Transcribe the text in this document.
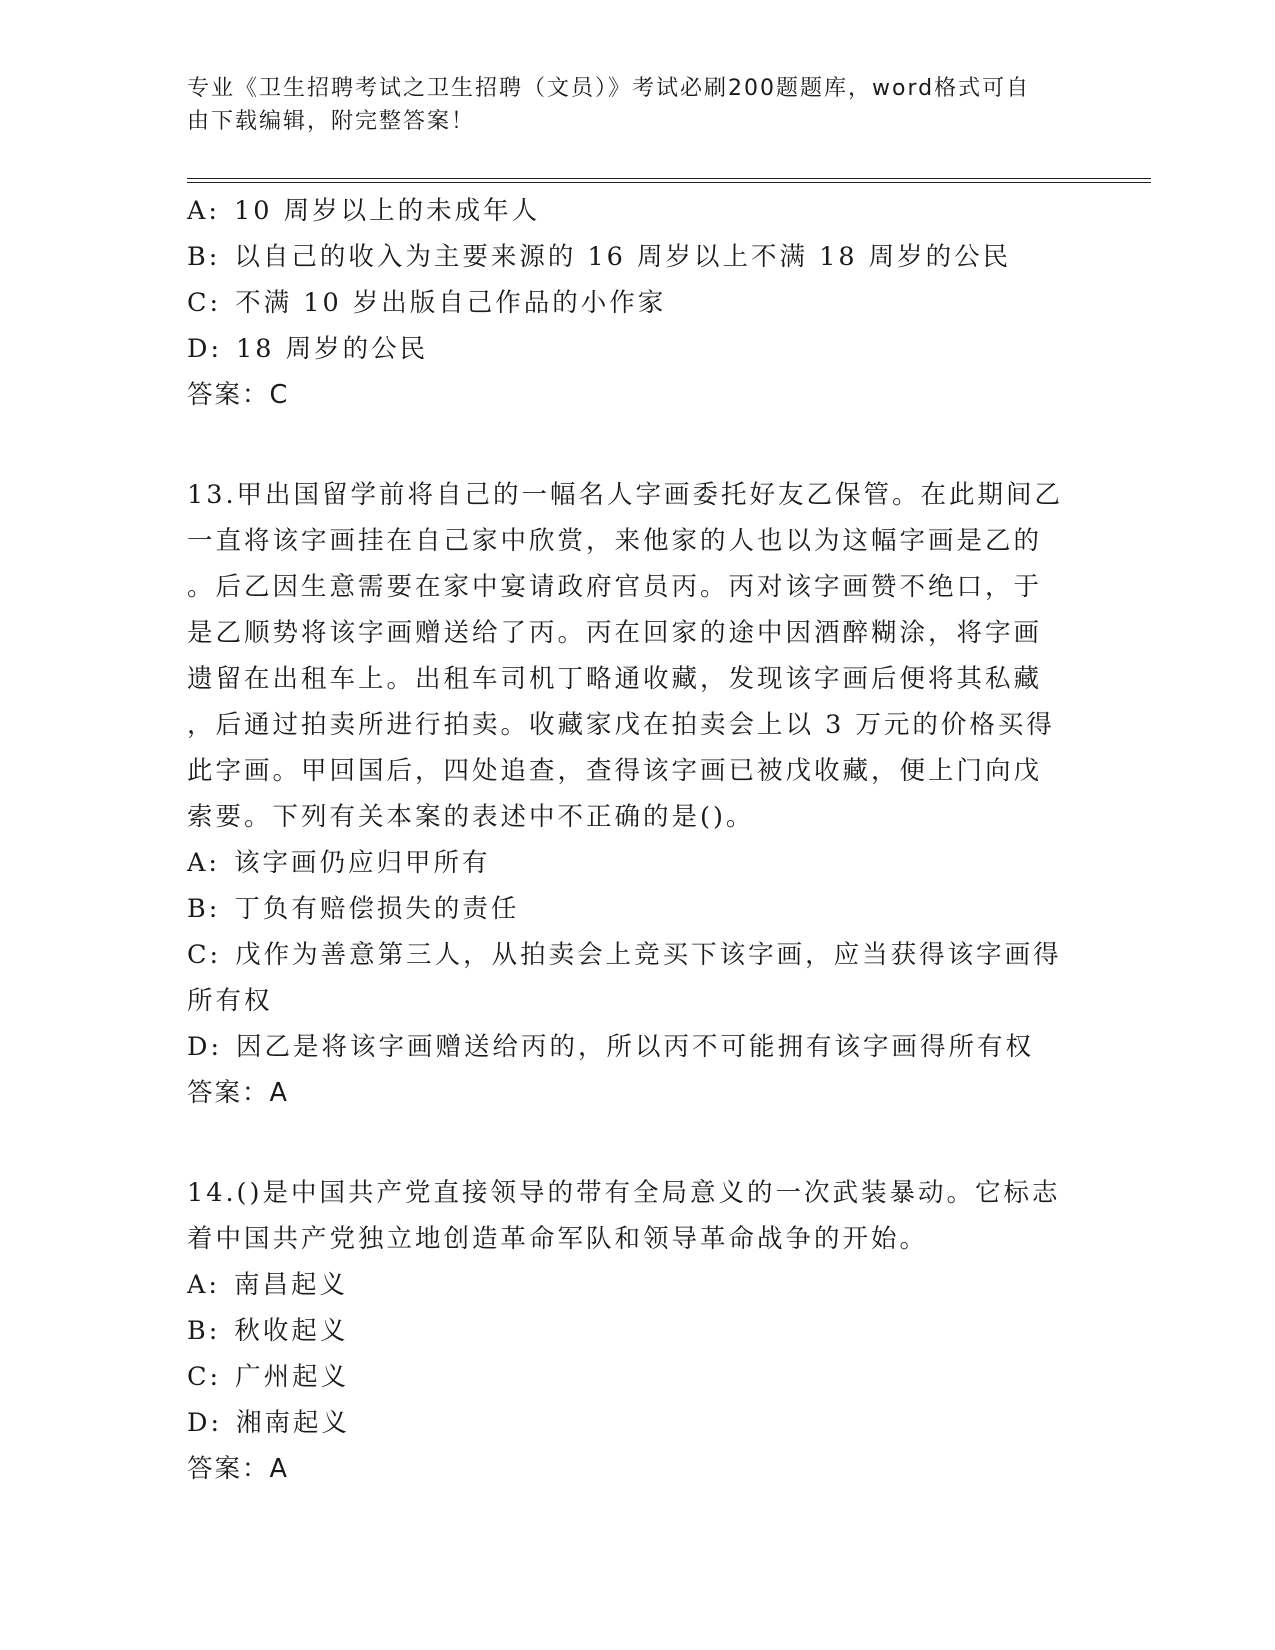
专业《卫生招聘考试之卫生招聘（文员）》考试必刷200题题库，word格式可自
由下载编辑，附完整答案！
A: 10 周岁以上的未成年人
B: 以自己的收入为主要来源的 16 周岁以上不满 18 周岁的公民
C: 不满 10 岁出版自己作品的小作家
D: 18 周岁的公民
答案：C
13.甲出国留学前将自己的一幅名人字画委托好友乙保管。在此期间乙
一直将该字画挂在自己家中欣赏，来他家的人也以为这幅字画是乙的
。后乙因生意需要在家中宴请政府官员丙。丙对该字画赞不绝口，于
是乙顺势将该字画赠送给了丙。丙在回家的途中因酒醉糊涂，将字画
遗留在出租车上。出租车司机丁略通收藏，发现该字画后便将其私藏
，后通过拍卖所进行拍卖。收藏家戊在拍卖会上以 3 万元的价格买得
此字画。甲回国后，四处追查，查得该字画已被戊收藏，便上门向戊
索要。下列有关本案的表述中不正确的是()。
A: 该字画仍应归甲所有
B: 丁负有赔偿损失的责任
C: 戊作为善意第三人，从拍卖会上竞买下该字画，应当获得该字画得
所有权
D: 因乙是将该字画赠送给丙的，所以丙不可能拥有该字画得所有权
答案：A
14.()是中国共产党直接领导的带有全局意义的一次武装暴动。它标志
着中国共产党独立地创造革命军队和领导革命战争的开始。
A: 南昌起义
B: 秋收起义
C: 广州起义
D: 湘南起义
答案：A
